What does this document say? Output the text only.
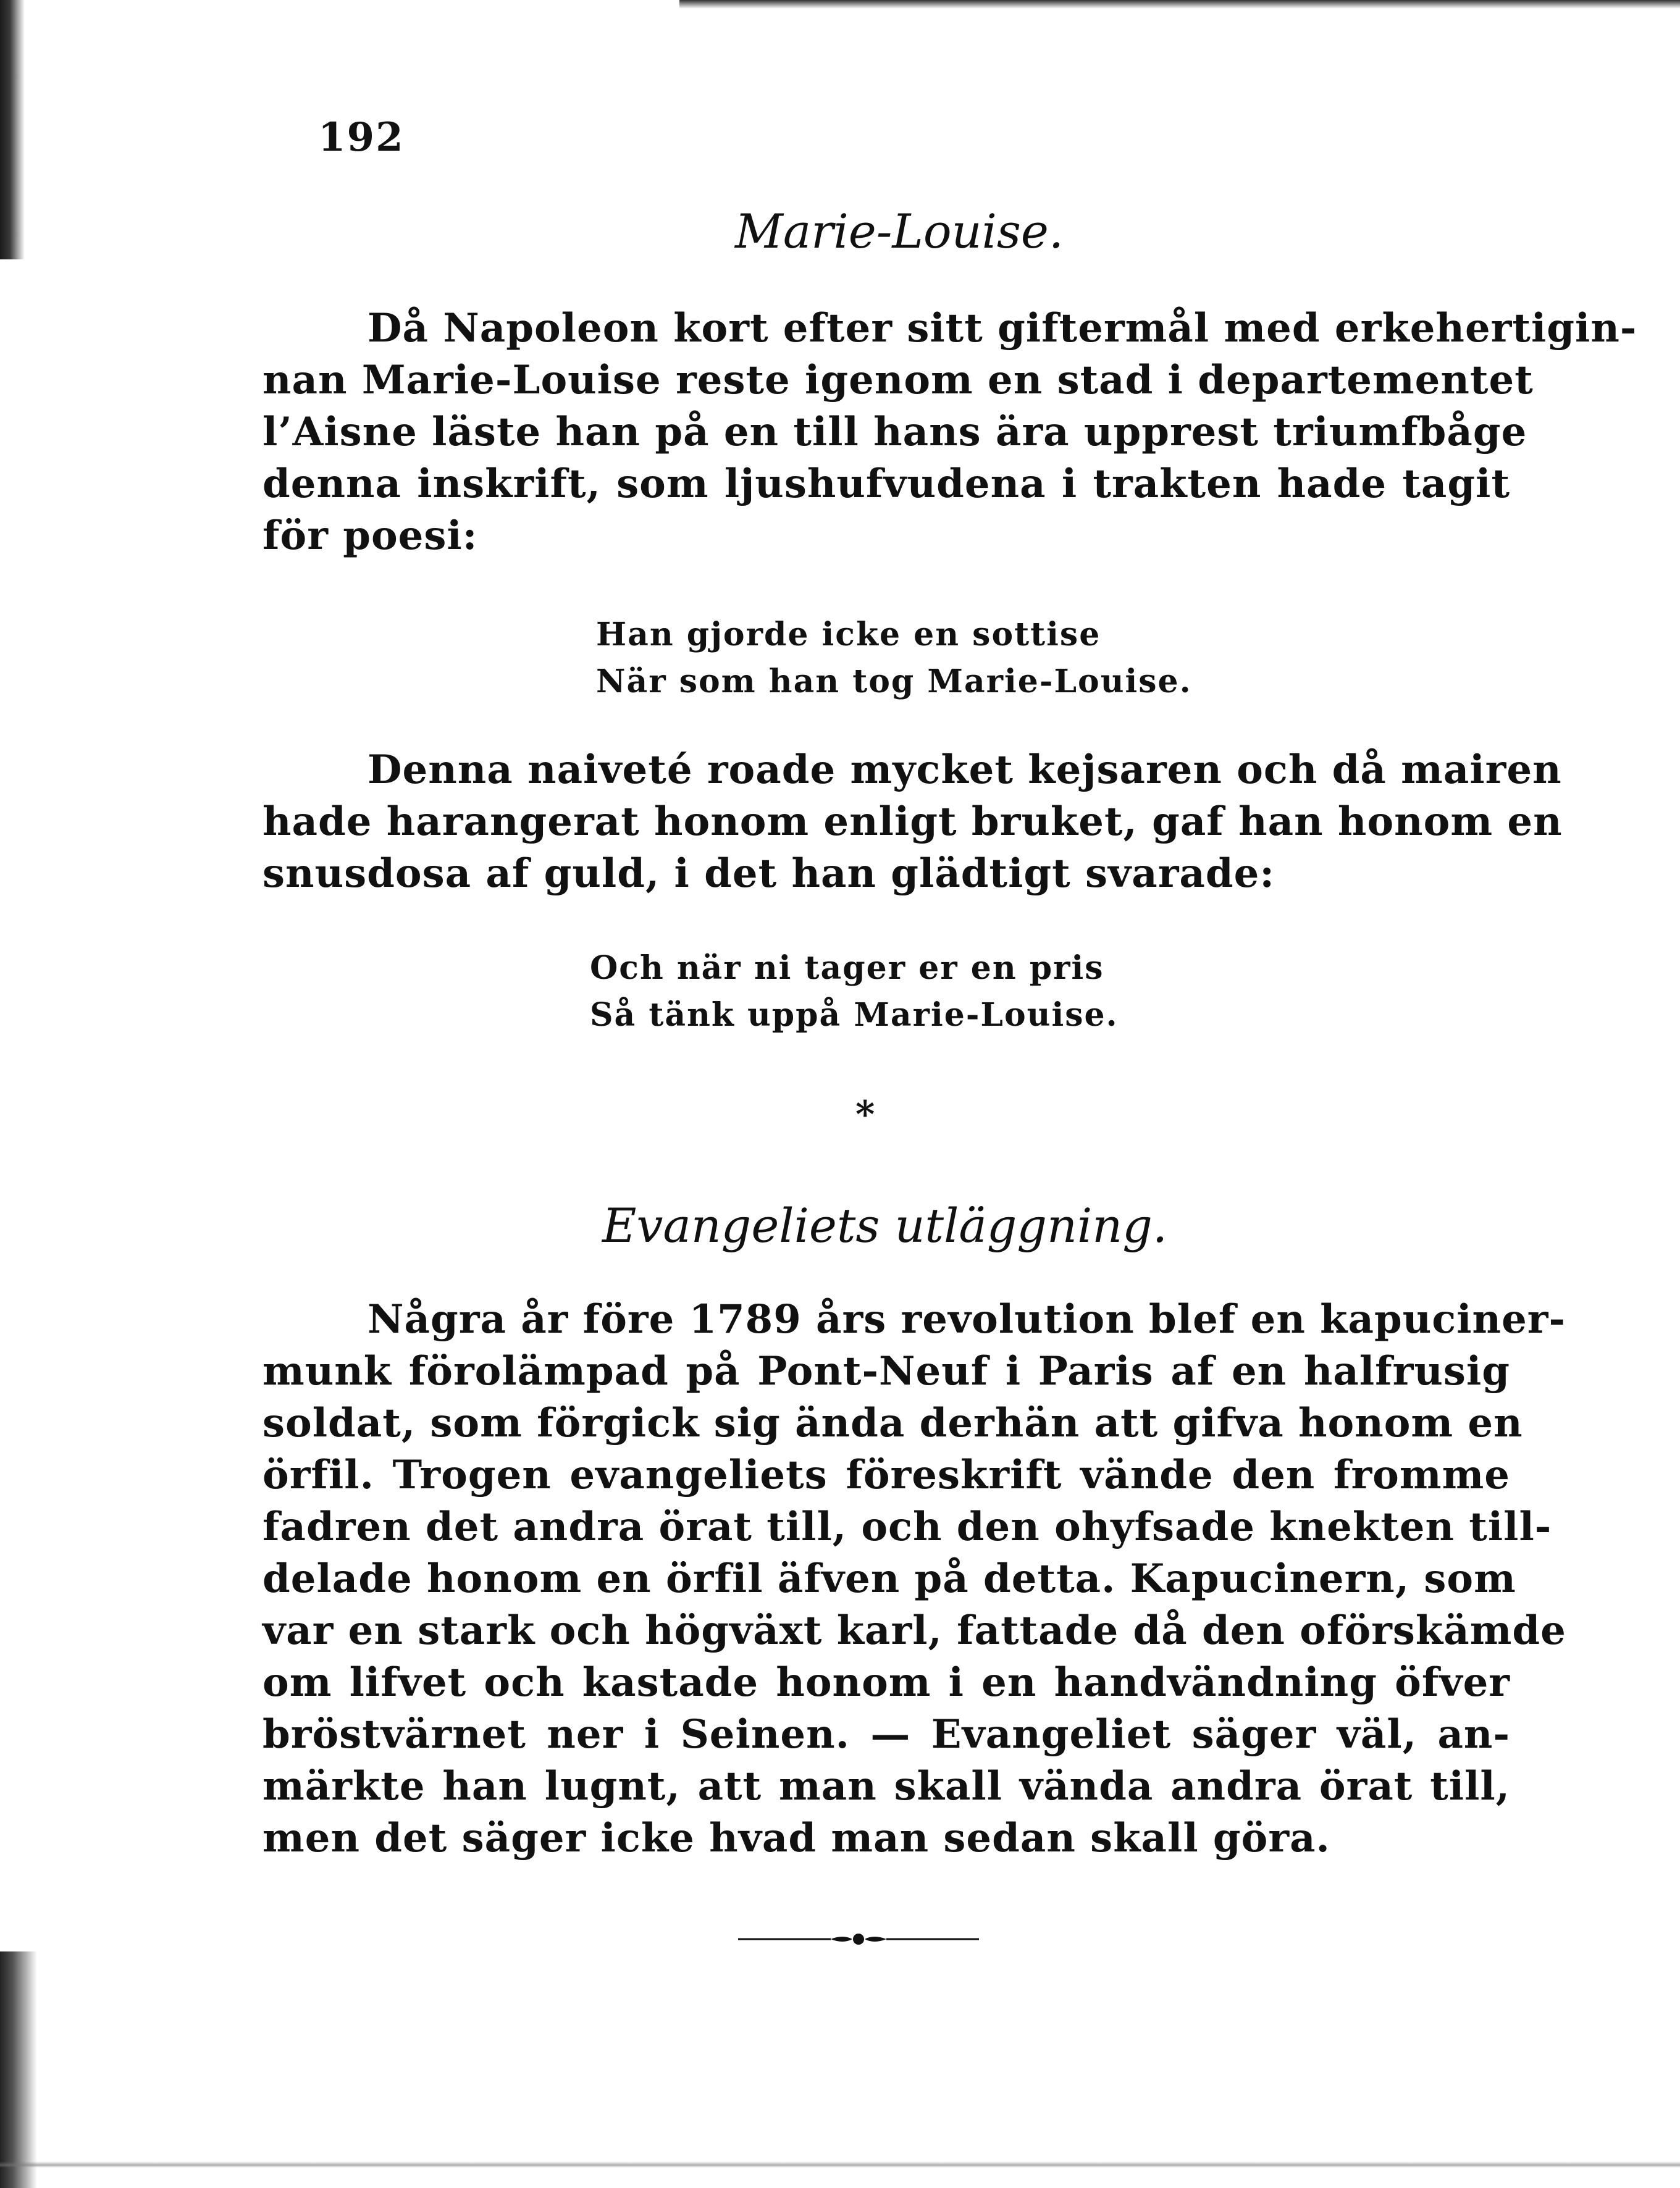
192
Marie-Louise.
Då Napoleon kort efter sitt giftermål med erkehertigin-
nan Marie-Louise reste igenom en stad i departementet
l’Aisne läste han på en till hans ära upprest triumfbåge
denna inskrift, som ljushufvudena i trakten hade tagit
för poesi:
Han gjorde icke en sottise
När som han tog Marie-Louise.
Denna naiveté roade mycket kejsaren och då mairen
hade harangerat honom enligt bruket, gaf han honom en
snusdosa af guld, i det han glädtigt svarade:
Och när ni tager er en pris
Så tänk uppå Marie-Louise.
*
Evangeliets utläggning.
Några år före 1789 års revolution blef en kapuciner-
munk förolämpad på Pont-Neuf i Paris af en halfrusig
soldat, som förgick sig ända derhän att gifva honom en
örfil. Trogen evangeliets föreskrift vände den fromme
fadren det andra örat till, och den ohyfsade knekten till-
delade honom en örfil äfven på detta. Kapucinern, som
var en stark och högväxt karl, fattade då den oförskämde
om lifvet och kastade honom i en handvändning öfver
bröstvärnet ner i Seinen. — Evangeliet säger väl, an-
märkte han lugnt, att man skall vända andra örat till,
men det säger icke hvad man sedan skall göra.
